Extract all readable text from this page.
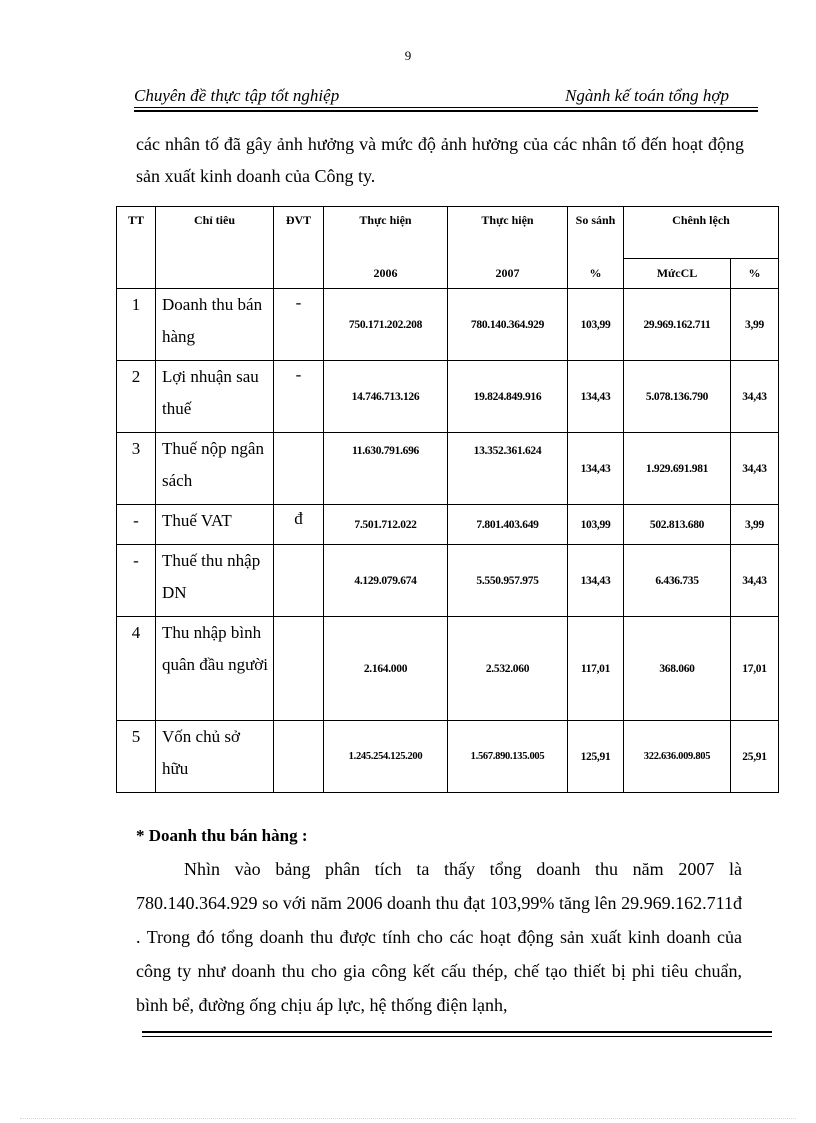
9
Chuyên đề thực tập tốt nghiệp	Ngành kế toán tổng hợp
các nhân tố đã gây ảnh hưởng và mức độ ảnh hưởng của các nhân tố đến hoạt động sản xuất kinh doanh của Công ty.
TT	Chỉ tiêu	ĐVT	Thực hiện	Thực hiện	So sánh	Chênh lệch	
			2006	2007	%	MứcCL	%
1	Doanh thu bán hàng	-	750.171.202.208	780.140.364.929	103,99	29.969.162.711	3,99
2	Lợi nhuận sau thuế	-	14.746.713.126	19.824.849.916	134,43	5.078.136.790	34,43
3	Thuế nộp ngân sách		11.630.791.696	13.352.361.624	134,43	1.929.691.981	34,43
-	Thuế VAT	đ	7.501.712.022	7.801.403.649	103,99	502.813.680	3,99
-	Thuế thu nhập DN		4.129.079.674	5.550.957.975	134,43	6.436.735	34,43
4	Thu nhập bình quân đầu người		2.164.000	2.532.060	117,01	368.060	17,01
5	Vốn chủ sở hữu		1.245.254.125.200	1.567.890.135.005	125,91	322.636.009.805	25,91
* Doanh thu bán hàng :
Nhìn vào bảng phân tích ta thấy tổng doanh thu năm 2007 là 780.140.364.929 so với năm 2006 doanh thu đạt 103,99% tăng lên 29.969.162.711đ . Trong đó tổng doanh thu được tính cho các hoạt động sản xuất kinh doanh của công ty như doanh thu cho gia công kết cấu thép, chế tạo thiết bị phi tiêu chuẩn, bình bể, đường ống chịu áp lực, hệ thống điện lạnh,
